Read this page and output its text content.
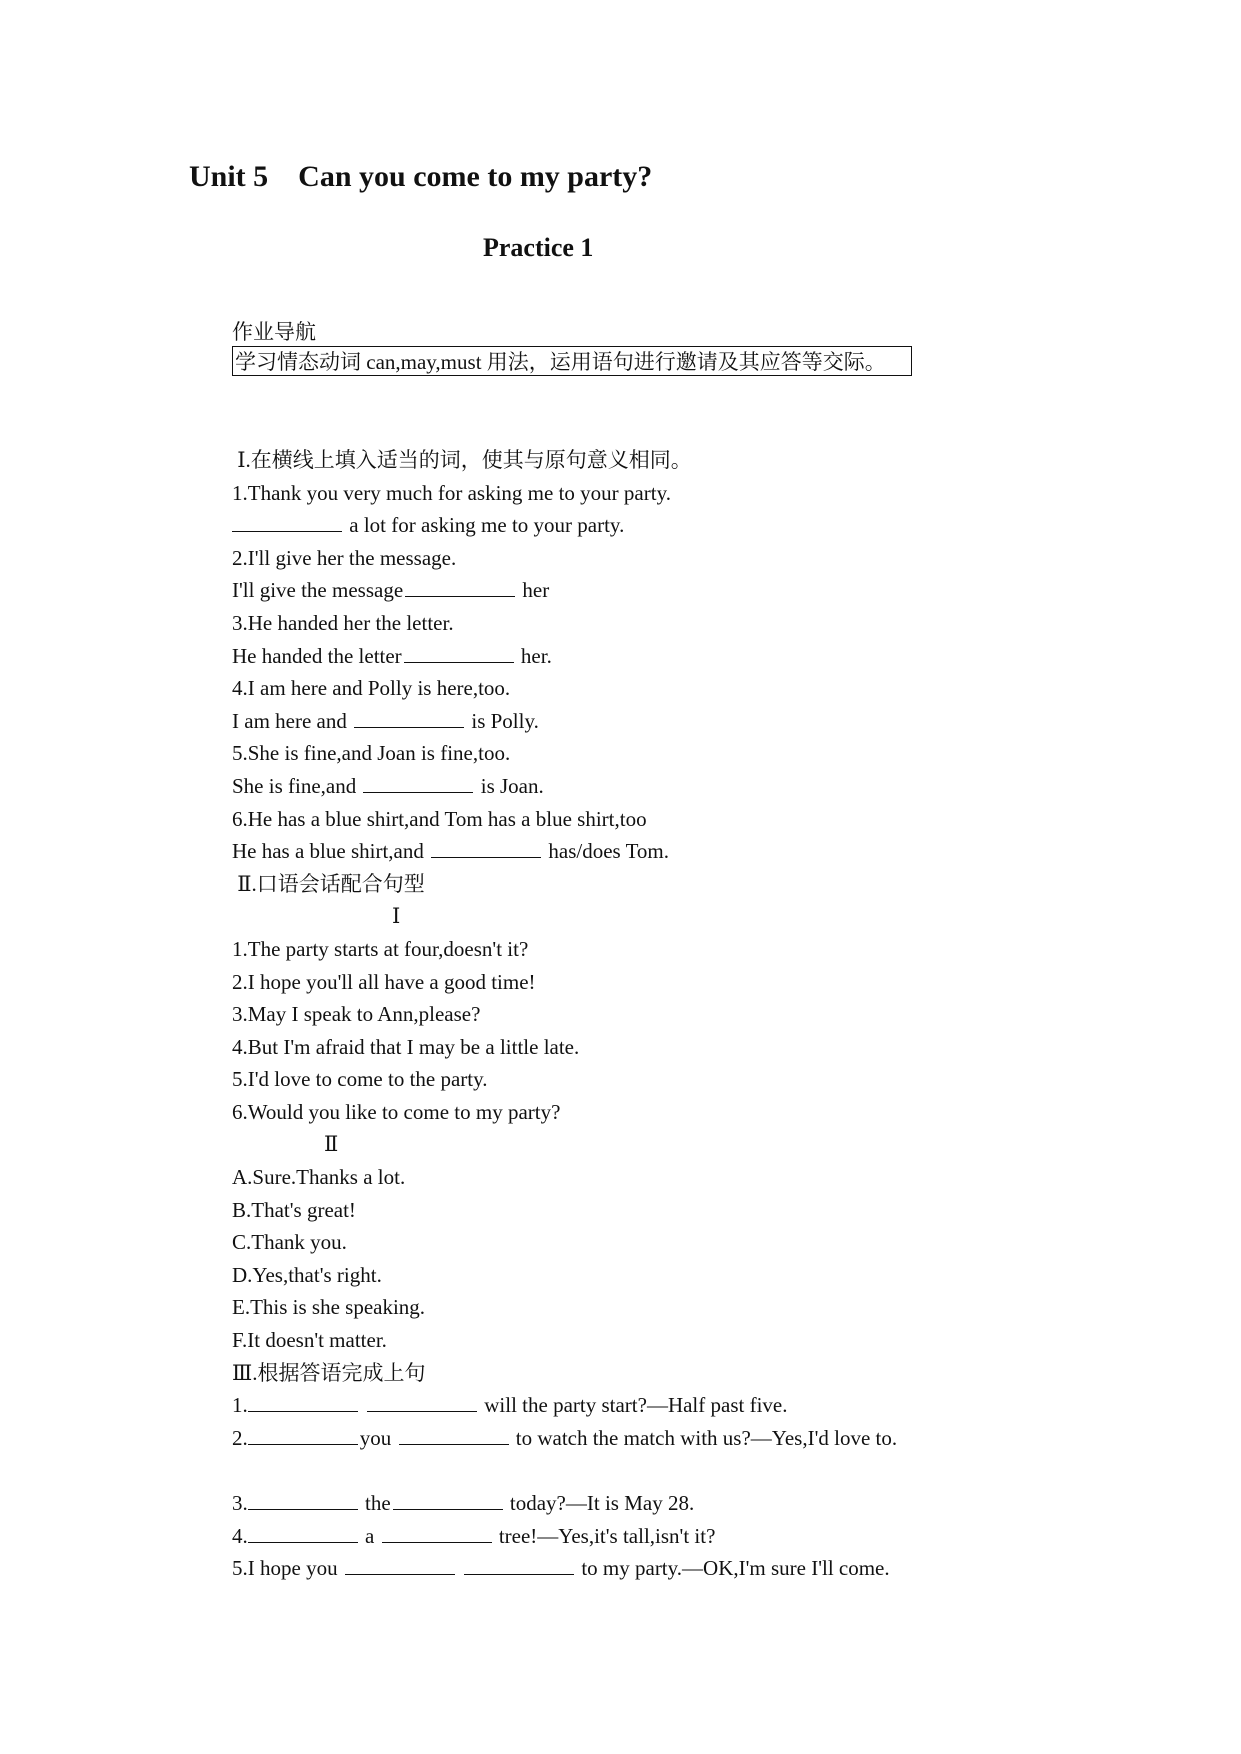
Unit 5    Can you come to my party?
Practice 1
作业导航
学习情态动词 can,may,must 用法，运用语句进行邀请及其应答等交际。
Ⅰ.在横线上填入适当的词，使其与原句意义相同。
1.Thank you very much for asking me to your party.
a lot for asking me to your party.
2.I'll give her the message.
I'll give the message	her
3.He handed her the letter.
He handed the letter	her.
4.I am here and Polly is here,too.
I am here and	is Polly.
5.She is fine,and Joan is fine,too.
She is fine,and	is Joan.
6.He has a blue shirt,and Tom has a blue shirt,too
He has a blue shirt,and	has/does Tom.
Ⅱ.口语会话配合句型
Ⅰ
1.The party starts at four,doesn't it?
2.I hope you'll all have a good time!
3.May I speak to Ann,please?
4.But I'm afraid that I may be a little late.
5.I'd love to come to the party.
6.Would you like to come to my party?
Ⅱ
A.Sure.Thanks a lot.
B.That's great!
C.Thank you.
D.Yes,that's right.
E.This is she speaking.
F.It doesn't matter.
Ⅲ.根据答语完成上句
1.	will the party start?—Half past five.
2.	you	to watch the match with us?—Yes,I'd love to.
3.	the	today?—It is May 28.
4.	a	tree!—Yes,it's tall,isn't it?
5.I hope you	to my party.—OK,I'm sure I'll come.
